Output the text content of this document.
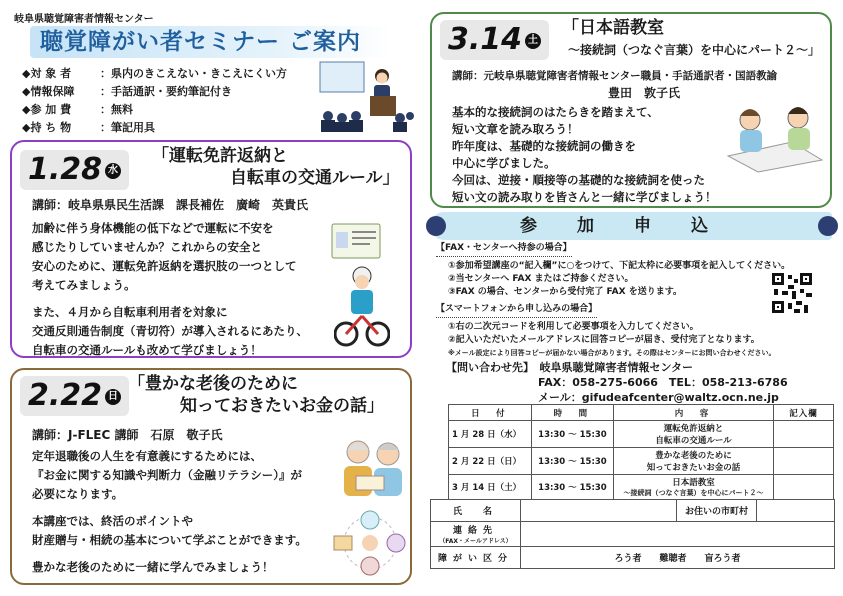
岐阜県聴覚障害者情報センター
聴覚障がい者セミナー ご案内
◆対 象 者	：県内のきこえない・きこえにくい方
◆情報保障 ：手話通訳・要約筆記付き
◆参 加 費	：無料
◆持 ち 物	：筆記用具
1.28 水
「運転免許返納と
自転車の交通ルール」
講師：岐阜県県民生活課　課長補佐　廣崎　英貴氏

加齢に伴う身体機能の低下などで運転に不安を
感じたりしていませんか？これからの安全と
安心のために、運転免許返納を選択肢の一つとして
考えてみましょう。

また、４月から自転車利用者を対象に
交通反則通告制度（青切符）が導入されるにあたり、
自転車の交通ルールも改めて学びましょう！

2.22 日
「豊かな老後のために
知っておきたいお金の話」
講師：J-FLEC 講師　石原　敬子氏

定年退職後の人生を有意義にするためには、
『お金に関する知識や判断力（金融リテラシー）』が
必要になります。

本講座では、終活のポイントや
財産贈与・相続の基本について学ぶことができます。

豊かな老後のために一緒に学んでみましょう！

3.14 土
「日本語教室
～接続詞（つなぐ言葉）を中心にパート２～」
講師：元岐阜県聴覚障害者情報センター職員・手話通訳者・国語教諭
豊田　敦子氏
基本的な接続詞のはたらきを踏まえて、
短い文章を読み取ろう！
昨年度は、基礎的な接続詞の働きを
中心に学びました。
今回は、逆接・順接等の基礎的な接続詞を使った
短い文の読み取りを皆さんと一緒に学びましょう！
参加申込
【FAX・センターへ持参の場合】
①参加希望講座の“記入欄”に○をつけて、下記太枠に必要事項を記入してください。
②当センターへ FAX またはご持参ください。
③FAX の場合、センターから受付完了 FAX を送ります。
【スマートフォンから申し込みの場合】
①右の二次元コードを利用して必要事項を入力してください。
②記入いただいたメールアドレスに回答コピーが届き、受付完了となります。
※メール設定により回答コピーが届かない場合があります。その際はセンターにお問い合わせください。
【問い合わせ先】　 岐阜県聴覚障害者情報センター
FAX：058-275-6066　TEL：058-213-6786
メール：gifudeafcenter@waltz.ocn.ne.jp
日　付	時　間	内　容	記入欄
1 月 28 日（水）	13:30 ～ 15:30	運転免許返納と
自転車の交通ルール	
2 月 22 日（日）	13:30 ～ 15:30	豊かな老後のために
知っておきたいお金の話	
3 月 14 日（土）	13:30 ～ 15:30	日本語教室
～接続詞（つなぐ言葉）を中心にパート２～	
氏　名		お住いの市町村	
連絡先
（FAX・メールアドレス）			

障がい区分	ろう者　　難聴者　　盲ろう者		
